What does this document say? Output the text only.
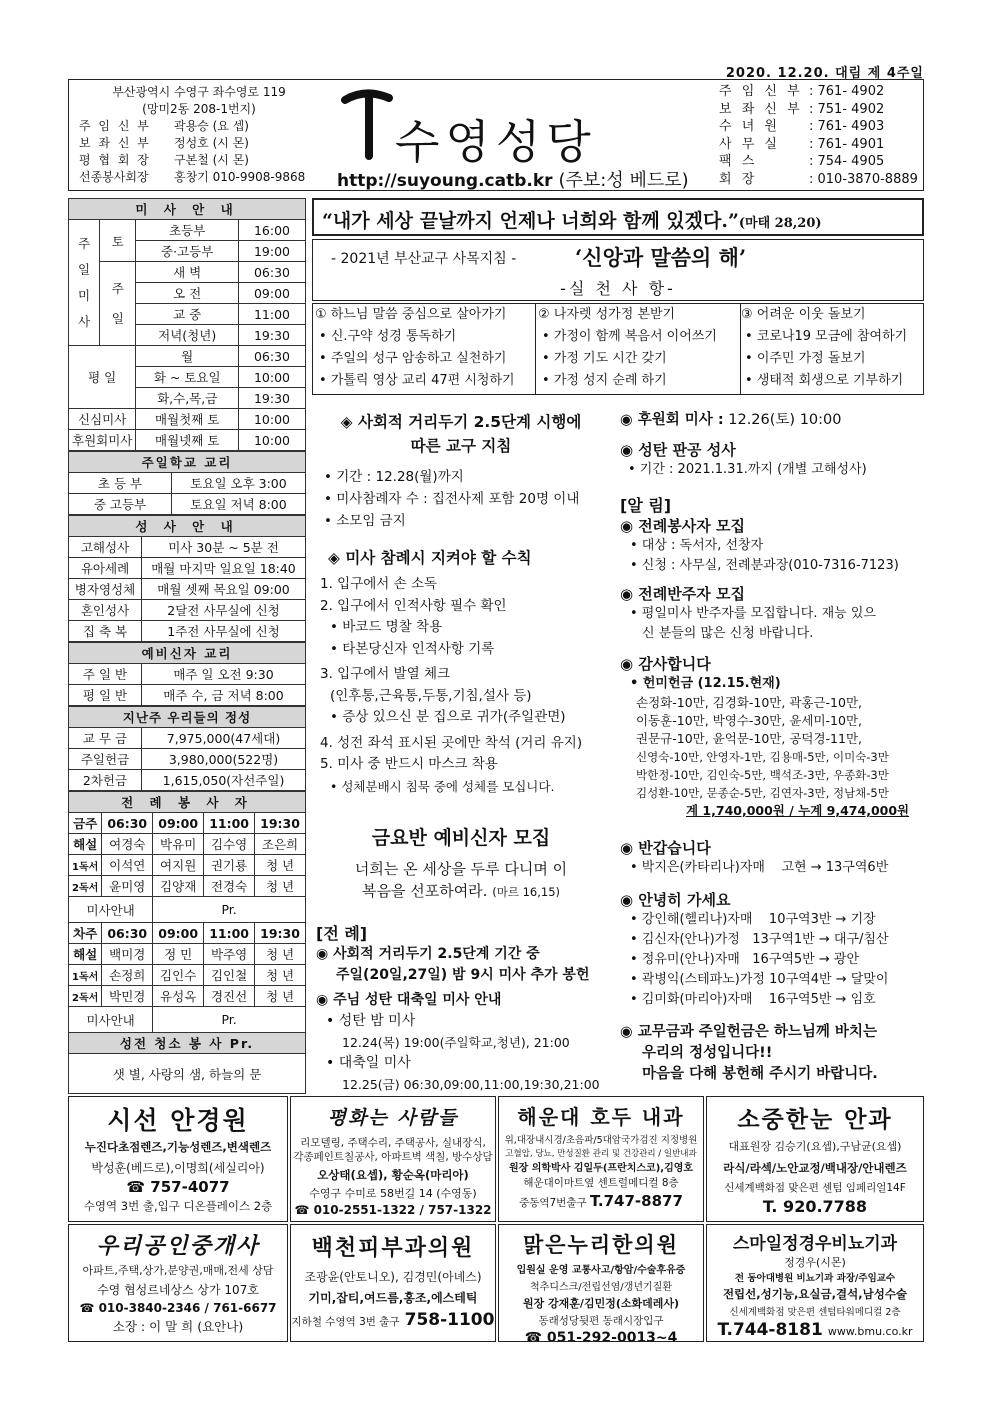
2020. 12.20. 대림 제 4주일
부산광역시 수영구 좌수영로 119
(망미2동 208-1번지)
주 임 신 부	곽용승 (요 셉)
보 좌 신 부	정성호 (시 몬)
평 협 회 장	구본철 (시 몬)
선종봉사회장	홍창기 010-9908-9868
수영성당
http://suyoung.catb.kr (주보:성 베드로)
주 임 신 부 : 761- 4902
보 좌 신 부 : 751- 4902
수 녀 원	: 761- 4903
사 무 실	: 761- 4901
팩 스	: 754- 4905
회 장	: 010-3870-8889
미 사 안 내			
주
일
미
사	토	초등부	16:00
		중·고등부	19:00
	주
일	새 벽	06:30
		오 전	09:00
		교 중	11:00
		저녁(청년)	19:30
평 일		월	06:30
		화 ~ 토요일	10:00
		화,수,목,금	19:30
신심미사		매월첫째 토	10:00
후원회미사		매월넷째 토	10:00
주일학교 교리	
초 등 부	토요일 오후 3:00
중 고등부	토요일 저녁 8:00
성 사 안 내	
고해성사	미사 30분 ~ 5분 전
유아세례	매월 마지막 일요일 18:40
병자영성체	매월 셋째 목요일 09:00
혼인성사	2달전 사무실에 신청
집 축 복	1주전 사무실에 신청
예비신자 교리	
주 일 반	매주 일 오전 9:30
평 일 반	매주 수, 금 저녁 8:00
지난주 우리들의 정성	
교 무 금	7,975,000(47세대)
주일헌금	3,980,000(522명)
2차헌금	1,615,050(자선주일)
전 례 봉 사 자				
금주	06:30	09:00	11:00	19:30
해설	여경숙	박유미	김수영	조은희
1독서	이석연	여지원	권기룡	청 년
2독서	윤미영	김양재	전경숙	청 년
미사안내		Pr.		
차주	06:30	09:00	11:00	19:30
해설	백미경	정 민	박주영	청 년
1독서	손정희	김인수	김인철	청 년
2독서	박민경	유성옥	경진선	청 년
미사안내		Pr.		
성전 청소 봉 사 Pr.				
샛 별, 사랑의 샘, 하늘의 문				
“내가 세상 끝날까지 언제나 너희와 함께 있겠다.”(마태 28,20)
- 2021년 부산교구 사목지침 -	‘신앙과 말씀의 해’
-실 천 사 항-
① 하느님 말씀 중심으로 살아가기
• 신.구약 성경 통독하기
• 주일의 성구 암송하고 실천하기
• 가톨릭 영상 교리 47편 시청하기
② 나자렛 성가정 본받기
• 가정이 함께 복음서 이어쓰기
• 가정 기도 시간 갖기
• 가정 성지 순례 하기
③ 어려운 이웃 돌보기
• 코로나19 모금에 참여하기
• 이주민 가정 돌보기
• 생태적 회생으로 기부하기
◈ 사회적 거리두기 2.5단계 시행에
따른 교구 지침
• 기간 : 12.28(월)까지
• 미사참례자 수 : 집전사제 포함 20명 이내
• 소모임 금지
◈ 미사 참례시 지켜야 할 수칙
1. 입구에서 손 소독
2. 입구에서 인적사항 필수 확인
• 바코드 명찰 착용
• 타본당신자 인적사항 기록
3. 입구에서 발열 체크
(인후통,근육통,두통,기침,설사 등)
• 증상 있으신 분 집으로 귀가(주일관면)
4. 성전 좌석 표시된 곳에만 착석 (거리 유지)
5. 미사 중 반드시 마스크 착용
• 성체분배시 침묵 중에 성체를 모십니다.
금요반 예비신자 모집
너희는 온 세상을 두루 다니며 이
복음을 선포하여라. (마르 16,15)
[전 례]
◉ 사회적 거리두기 2.5단계 기간 중
주일(20일,27일) 밤 9시 미사 추가 봉헌
◉ 주님 성탄 대축일 미사 안내
• 성탄 밤 미사
12.24(목) 19:00(주일학교,청년), 21:00
• 대축일 미사
12.25(금) 06:30,09:00,11:00,19:30,21:00
◉ 후원회 미사 : 12.26(토) 10:00
◉ 성탄 판공 성사
• 기간 : 2021.1.31.까지 (개별 고해성사)
[알 림]
◉ 전례봉사자 모집
• 대상 : 독서자, 선창자
• 신청 : 사무실, 전례분과장(010-7316-7123)
◉ 전례반주자 모집
• 평일미사 반주자를 모집합니다. 재능 있으
신 분들의 많은 신청 바랍니다.
◉ 감사합니다
• 헌미헌금 (12.15.현재)
손정화-10만, 김경화-10만, 곽홍근-10만,
이동훈-10만, 박영수-30만, 윤세미-10만,
권문규-10만, 윤억문-10만, 공덕경-11만,
신영숙-10만, 안영자-1만, 김용매-5만, 이미숙-3만
박한정-10만, 김인숙-5만, 백석조-3만, 우종화-3만
김성환-10만, 문종순-5만, 김연자-3만, 정남채-5만
계 1,740,000원 / 누계 9,474,000원
◉ 반갑습니다
• 박지은(카타리나)자매    고현 → 13구역6반
◉ 안녕히 가세요
• 강인해(헬리나)자매    10구역3반 → 기장
• 김신자(안나)가정   13구역1반 → 대구/침산
• 정유미(안나)자매   16구역5반 → 광안
• 곽병익(스테파노)가정 10구역4반 → 달맞이
• 김미화(마리아)자매    16구역5반 → 임호
◉ 교무금과 주일헌금은 하느님께 바치는
우리의 정성입니다!!
마음을 다해 봉헌해 주시기 바랍니다.
시선 안경원
누진다초점렌즈,기능성렌즈,변색렌즈
박성훈(베드로),이명희(세실리아)
☎ 757-4077
수영역 3번 출,입구 디온플레이스 2층
평화는 사람들
리모델링, 주택수리, 주택공사, 실내장식,
각종페인트칠공사, 아파트벽 색칠, 방수상담
오상태(요셉), 황순옥(마리아)
수영구 수미로 58번길 14 (수영동)
☎ 010-2551-1322 / 757-1322
해운대 호두 내과
위,대장내시경/초음파/5대암국가검진 지정병원
고혈압, 당뇨, 만성질환 관리 및 건강관리 / 일반내과
원장 의학박사 김일두(프란치스코),김영호
해운대이마트옆 센트럴메디컬 8층
중동역7번출구 T.747-8877
소중한눈 안과
대표원장 김승기(요셉),구남균(요셉)
라식/라섹/노안교정/백내장/안내렌즈
신세계백화점 맞은편 센텀 임페리얼14F
T. 920.7788
우리공인중개사
아파트,주택,상가,분양권,매매,전세 상담
수영 협성르네상스 상가 107호
☎ 010-3840-2346 / 761-6677
소장 : 이 말 희 (요안나)
백천피부과의원
조광윤(안토니오), 김경민(아녜스)
기미,잡티,여드름,홍조,에스테틱
지하철 수영역 3번 출구 758-1100
맑은누리한의원
입원실 운영 교통사고/항암/수술후유증
척추디스크/전립선염/갱년기질환
원장 강재훈/김민정(소화데레사)
동래성당뒷편 동래시장입구
☎ 051-292-0013~4
스마일정경우비뇨기과
정경우(시몬)
전 동아대병원 비뇨기과 과장/주임교수
전립선,성기능,요실금,결석,남성수술
신세계백화점 맞은편 센텀타워메디컬 2층
T.744-8181 www.bmu.co.kr
